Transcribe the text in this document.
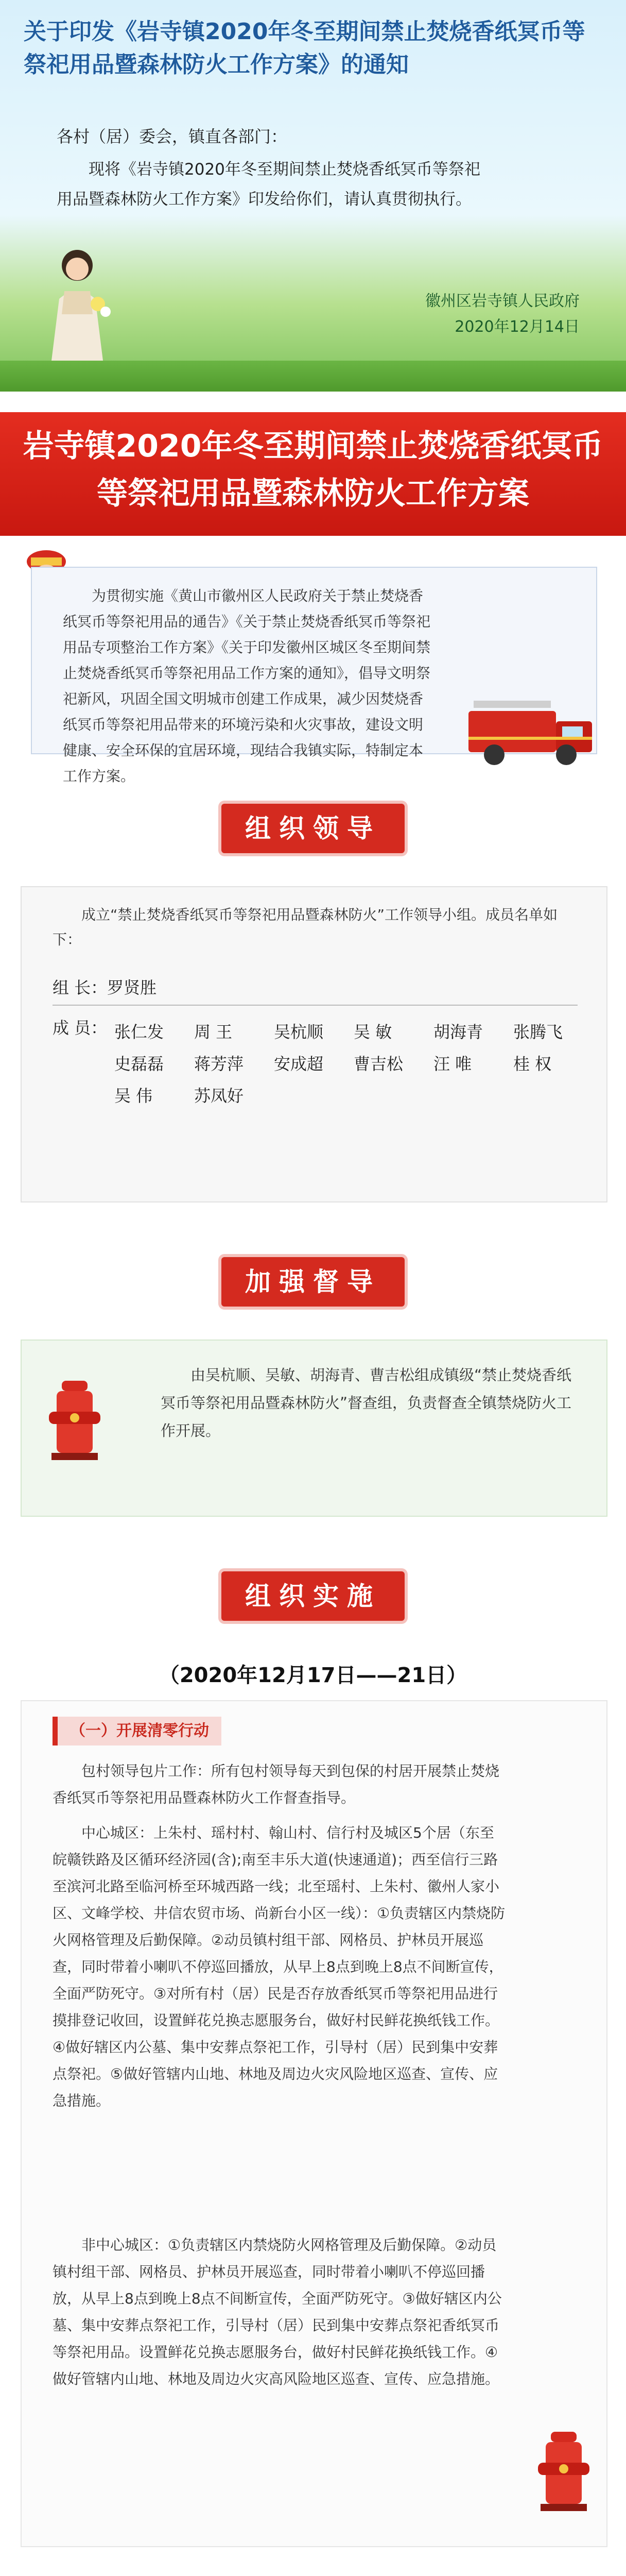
关于印发《岩寺镇2020年冬至期间禁止焚烧香纸冥币等祭祀用品暨森林防火工作方案》的通知
各村（居）委会，镇直各部门：

现将《岩寺镇2020年冬至期间禁止焚烧香纸冥币等祭祀用品暨森林防火工作方案》印发给你们，请认真贯彻执行。

徽州区岩寺镇人民政府
2020年12月14日
岩寺镇2020年冬至期间禁止焚烧香纸冥币
等祭祀用品暨森林防火工作方案

为贯彻实施《黄山市徽州区人民政府关于禁止焚烧香纸冥币等祭祀用品的通告》《关于禁止焚烧香纸冥币等祭祀用品专项整治工作方案》《关于印发徽州区城区冬至期间禁止焚烧香纸冥币等祭祀用品工作方案的通知》，倡导文明祭祀新风，巩固全国文明城市创建工作成果，减少因焚烧香纸冥币等祭祀用品带来的环境污染和火灾事故，建设文明健康、安全环保的宜居环境，现结合我镇实际，特制定本工作方案。

组织领导

成立“禁止焚烧香纸冥币等祭祀用品暨森林防火”工作领导小组。成员名单如下：

组 长：罗贤胜
成 员： 张仁发	周 王	吴杭顺	吴 敏	胡海青	张腾飞
史磊磊	蒋芳萍	安成超	曹吉松	汪 唯	桂 权
吴 伟	苏凤好
加强督导

由吴杭顺、吴敏、胡海青、曹吉松组成镇级“禁止焚烧香纸冥币等祭祀用品暨森林防火”督查组，负责督查全镇禁烧防火工作开展。

组织实施
（2020年12月17日——21日）
（一）开展清零行动

包村领导包片工作：所有包村领导每天到包保的村居开展禁止焚烧香纸冥币等祭祀用品暨森林防火工作督查指导。

中心城区：上朱村、瑶村村、翰山村、信行村及城区5个居（东至皖赣铁路及区循环经济园(含);南至丰乐大道(快速通道)；西至信行三路至滨河北路至临河桥至环城西路一线；北至瑶村、上朱村、徽州人家小区、文峰学校、井信农贸市场、尚新台小区一线）：①负责辖区内禁烧防火网格管理及后勤保障。②动员镇村组干部、网格员、护林员开展巡查，同时带着小喇叭不停巡回播放，从早上8点到晚上8点不间断宣传，全面严防死守。③对所有村（居）民是否存放香纸冥币等祭祀用品进行摸排登记收回，设置鲜花兑换志愿服务台，做好村民鲜花换纸钱工作。④做好辖区内公墓、集中安葬点祭祀工作，引导村（居）民到集中安葬点祭祀。⑤做好管辖内山地、林地及周边火灾风险地区巡查、宣传、应急措施。

非中心城区：①负责辖区内禁烧防火网格管理及后勤保障。②动员镇村组干部、网格员、护林员开展巡查，同时带着小喇叭不停巡回播放，从早上8点到晚上8点不间断宣传，全面严防死守。③做好辖区内公墓、集中安葬点祭祀工作，引导村（居）民到集中安葬点祭祀香纸冥币等祭祀用品。设置鲜花兑换志愿服务台，做好村民鲜花换纸钱工作。④做好管辖内山地、林地及周边火灾高风险地区巡查、宣传、应急措施。
